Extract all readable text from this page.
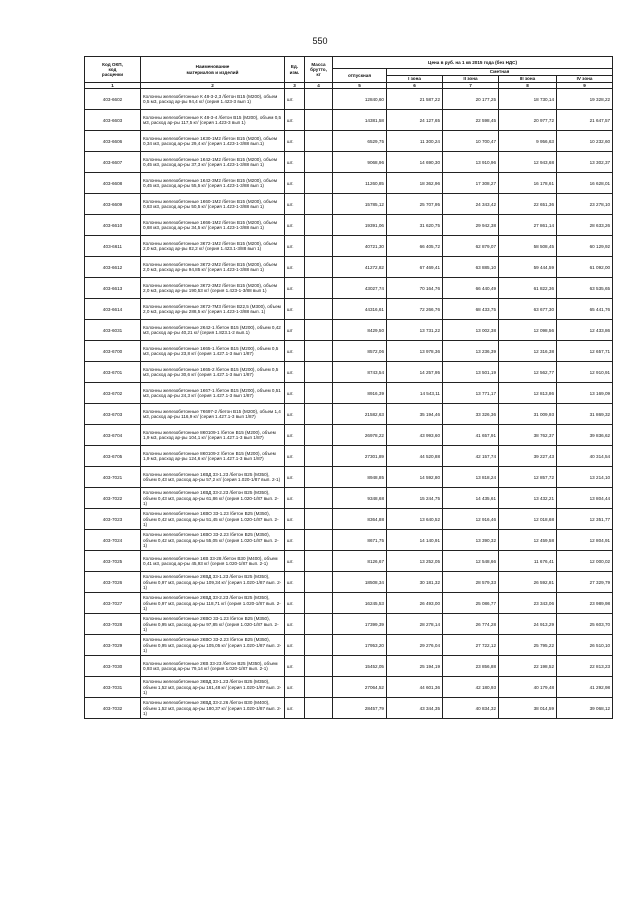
550
Код ОКП,
код
расценки	Наименование
материалов и изделий	Ед.
изм.	Масса
брутто,
кг	Цена в руб. на 1 кв 2015 года (без НДС)				
				отпускная	Сметная			
					I зона	II зона	III зона	IV зона
1	2	3	4	5	6	7	8	9
403-6602	Колонны железобетонные К 48-3-2,3 /бетон В15 (М200), объем 0,5 м3, расход ар-ры 94,4 кг/ (серия 1.423-3 вып 1)	шт.		12840,60	21 587,22	20 177,25	18 730,14	19 328,22
403-6603	Колонны железобетонные К 48-3-4 /бетон В15 (М200), объем 0,5 м3, расход ар-ры 117,5 кг/ (серия 1.423-3 вып 1)	шт.		14381,58	24 127,65	22 598,45	20 977,72	21 647,57
403-6606	Колонны железобетонные 1К30-1М2 /бетон В15 (М200), объем 0,34 м3, расход ар-ры 29,4 кг/ (серия 1.423-1-3/88 вып.1)	шт.		6529,75	11 300,24	10 700,47	9 956,63	10 232,60
403-6607	Колонны железобетонные 1К42-1М2 /бетон В15 (М200), объем 0,45 м3, расход ар-ры 37,3 кг/ (серия 1.423-1-3/88 вып 1)	шт.		9068,96	14 690,30	13 910,96	12 943,68	13 302,37
403-6608	Колонны железобетонные 1К42-3М2 /бетон В15 (М200), объем 0,45 м3, расход ар-ры 55,5 кг/ (серия 1.423-1-3/88 вып 1)	шт.		11260,85	18 362,96	17 308,27	16 178,61	16 628,01
403-6609	Колонны железобетонные 1К60-1М2 /бетон В15 (М200), объем 0,63 м3, расход ар-ры 50,5 кг/ (серия 1.423-1-3/88 вып 1)	шт.		15785,12	25 707,95	24 343,42	22 651,36	23 278,10
403-6610	Колонны железобетонные 1К66-1М2 /бетон В15 (М200), объем 0,68 м3, расход ар-ры 34,5 кг/ (серия 1.423-1-3/88 вып 1)	шт.		19391,06	31 620,75	29 942,38	27 861,14	28 633,26
403-6611	Колонны железобетонные 3К72-1М2 /бетон В15 (М200), объем 2,0 м3, расход ар-ры 82,2 кг/ (серия 1.423.1-3/88 вып 1)	шт.		40721,30	66 405,72	62 879,07	58 508,45	60 129,92
403-6612	Колонны железобетонные 3К72-2М2 /бетон В15 (М200), объем 2,0 м3, расход ар-ры 94,85 кг/ (серия 1.423-1-3/88 вып 1)	шт.		41272,82	67 469,41	63 885,10	59 444,59	61 092,00
403-6613	Колонны железобетонные 3К72-3М2 /бетон В15 (М200), объем 2,0 м3, расход ар-ры 190,53 кг/ (серия 1.423-1-3/88 вып 1)	шт.		43027,74	70 164,76	66 440,49	61 822,36	63 535,65
403-6614	Колонны железобетонные 3К72-7М3 /бетон В22,5 (М300), объем 2,0 м3, расход ар-ры 288,5 кг/ (серия 1.423-1-3/88 вып. 1)	шт.		44316,61	72 266,76	68 433,75	63 677,30	65 441,76
403-6031	Колонны железобетонные 2К42-1 /бетон В15 (М200), объем 0,42 м3, расход ар-ры 40,21 кг/ (серия 1.823.1-2 вып.1)	шт		8429,50	13 731,22	13 002,38	12 098,56	12 433,86
403-6700	Колонны железобетонные 1К65-1 /бетон В15 (М200), объем 0,5 м3, расход ар-ры 23,8 кг/ (серия 1.427.1-3 вып 1/87)	шт.		8572,06	13 978,36	13 236,39	12 316,38	12 657,71
403-6701	Колонны железобетонные 1К65-2 /бетон В15 (М200), объем 0,5 м3, расход ар-ры 30,6 кг/ (серия 1.427.1-3 вып 1/87)	шт.		8743,54	14 257,95	13 501,19	12 562,77	12 910,91
403-6702	Колонны железобетонные 1К67-1 /бетон В15 (М200), объем 0,51 м3, расход ар-ры 24,3 кг/ (серия 1.427.1-3 вып 1/87)	шт.		8916,39	14 543,11	13 771,17	12 813,86	13 169,09
403-6703	Колонны железобетонные 7К697-2 /бетон В15 (М200), объем 1,4 м3, расход ар-ры 116,9 кг/ (серия 1.427.1-3 вып 1/87)	шт.		21582,63	35 194,46	33 326,36	31 009,93	31 869,32
403-6704	Колонны железобетонные 8К0109-1 /бетон В15 (М200), объем 1,9 м3, расход ар-ры 104,1 кг/ (серия 1.427.1-3 вып 1/87)	шт.		26978,22	43 993,60	41 657,91	38 762,37	39 836,62
403-6705	Колонны железобетонные 8К0109-2 /бетон В15 (М200), объем 1,9 м3, расход ар-ры 124,6 кг/ (серия 1.427.1-3 вып 1/87)	шт.		27301,89	44 520,88	42 157,74	39 227,43	40 314,54
403-7021	Колонны железобетонные 1КВД 33-1.23 /бетон В25 (М350), объем 0,43 м3, расход ар-ры 57,2 кг/ (серия 1.020-1/87 вып. 2-1)	шт.		8948,85	14 592,80	13 818,24	12 857,72	13 214,10
403-7022	Колонны железобетонные 1КВД 33-2.23 /бетон В25 (М350), объем 0,43 м3, расход ар-ры 61,86 кг/ (серия 1.020-1/87 вып. 2-1)	шт.		9348,68	15 244,75	14 435,61	13 432,21	13 804,44
403-7023	Колонны железобетонные 1КВО 33-1.23 /бетон В25 (М350), объем 0,42 м3, расход ар-ры 51,45 кг/ (серия 1.020-1/87 вып. 2-1)	шт.		8364,88	13 640,52	12 916,46	12 018,68	12 351,77
403-7024	Колонны железобетонные 1КВО 33-2.23 /бетон В25 (М350), объем 0,42 м3, расход ар-ры 55,05 кг/ (серия 1.020-1/87 вып. 2-1)	шт.		8671,75	14 140,91	13 390,32	12 459,58	12 804,91
403-7025	Колонны железобетонные 1КВ 33-28 /бетон В30 (М400), объем 0,41 м3, расход ар-ры 45,93 кг/ (серия 1.020-1/87 вып. 2-1)	шт.		8126,67	13 252,05	12 548,66	11 676,41	12 000,02
403-7026	Колонны железобетонные 2КВД 33-1.23 /бетон В25 (М350), объем 0,97 м3, расход ар-ры 109,34 кг/ (серия 1.020-1/87 вып. 2-1)	шт.		18508,34	30 181,32	28 579,33	26 592,81	27 329,79
403-7027	Колонны железобетонные 2КВД 33-2.23 /бетон В25 (М350), объем 0,97 м3, расход ар-ры 118,71 кг/ (серия 1.020-1/87 вып. 2-1)	шт.		16245,53	26 493,00	25 086,77	23 343,06	23 989,98
403-7028	Колонны железобетонные 2КВО 33-1.23 /бетон В25 (М350), объем 0,95 м3, расход ар-ры 97,85 кг/ (серия 1.020-1/87 вып. 2-1)	шт.		17399,39	28 278,14	26 774,28	24 913,29	25 603,70
403-7029	Колонны железобетонные 2КВО 33-2.23 /бетон В25 (М350), объем 0,95 м3, расход ар-ры 105,05 кг/ (серия 1.020-1/87 вып. 2-1)	шт.		17953,20	29 276,04	27 722,12	25 795,22	26 510,10
403-7030	Колонны железобетонные 2КВ 33-23 /бетон В25 (М350), объем 0,93 м3, расход ар-ры 79,14 кг/ (серия 1.020-1/87 вып. 2-1)	шт.		15452,05	25 194,19	23 856,88	22 198,52	22 813,23
403-7031	Колонны железобетонные 3КВД 33-1.23 /бетон В25 (М350), объем 1,52 м3, расход ар-ры 161,48 кг/ (серия 1.020-1/87 вып. 2-1)	шт.		27064,52	44 601,36	42 180,93	40 179,48	41 292,98
403-7032	Колонны железобетонные 3КВД 33-2.26 /бетон В30 (М400), объем 1,52 м3, расход ар-ры 180,37 кг/ (серия 1.020-1/87 вып. 2-1)	шт.		28457,79	43 344,35	40 834,32	38 014,59	39 068,12
